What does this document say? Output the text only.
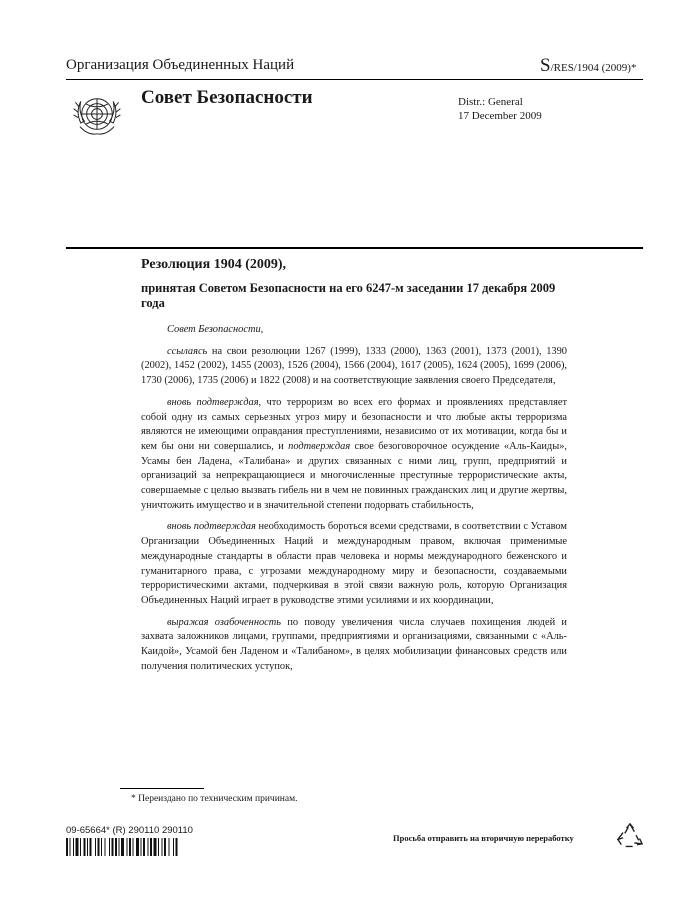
Организация Объединенных Наций	S/RES/1904 (2009)*
Совет Безопасности	Distr.: General
17 December 2009
Резолюция 1904 (2009),
принятая Советом Безопасности на его 6247-м заседании 17 декабря 2009 года
Совет Безопасности,

ссылаясь на свои резолюции 1267 (1999), 1333 (2000), 1363 (2001), 1373 (2001), 1390 (2002), 1452 (2002), 1455 (2003), 1526 (2004), 1566 (2004), 1617 (2005), 1624 (2005), 1699 (2006), 1730 (2006), 1735 (2006) и 1822 (2008) и на соответствующие заявления своего Председателя,

вновь подтверждая, что терроризм во всех его формах и проявлениях представляет собой одну из самых серьезных угроз миру и безопасности и что любые акты терроризма являются не имеющими оправдания преступлениями, независимо от их мотивации, когда бы и кем бы они ни совершались, и подтверждая свое безоговорочное осуждение «Аль-Каиды», Усамы бен Ладена, «Талибана» и других связанных с ними лиц, групп, предприятий и организаций за непрекращающиеся и многочисленные преступные террористические акты, совершаемые с целью вызвать гибель ни в чем не повинных гражданских лиц и другие жертвы, уничтожить имущество и в значительной степени подорвать стабильность,

вновь подтверждая необходимость бороться всеми средствами, в соответствии с Уставом Организации Объединенных Наций и международным правом, включая применимые международные стандарты в области прав человека и нормы международного беженского и гуманитарного права, с угрозами международному миру и безопасности, создаваемыми террористическими актами, подчеркивая в этой связи важную роль, которую Организация Объединенных Наций играет в руководстве этими усилиями и их координации,

выражая озабоченность по поводу увеличения числа случаев похищения людей и захвата заложников лицами, группами, предприятиями и организациями, связанными с «Аль-Каидой», Усамой бен Ладеном и «Талибаном», в целях мобилизации финансовых средств или получения политических уступок,

* Переиздано по техническим причинам.
09-65664* (R) 290110 290110
Просьба отправить на вторичную переработку
